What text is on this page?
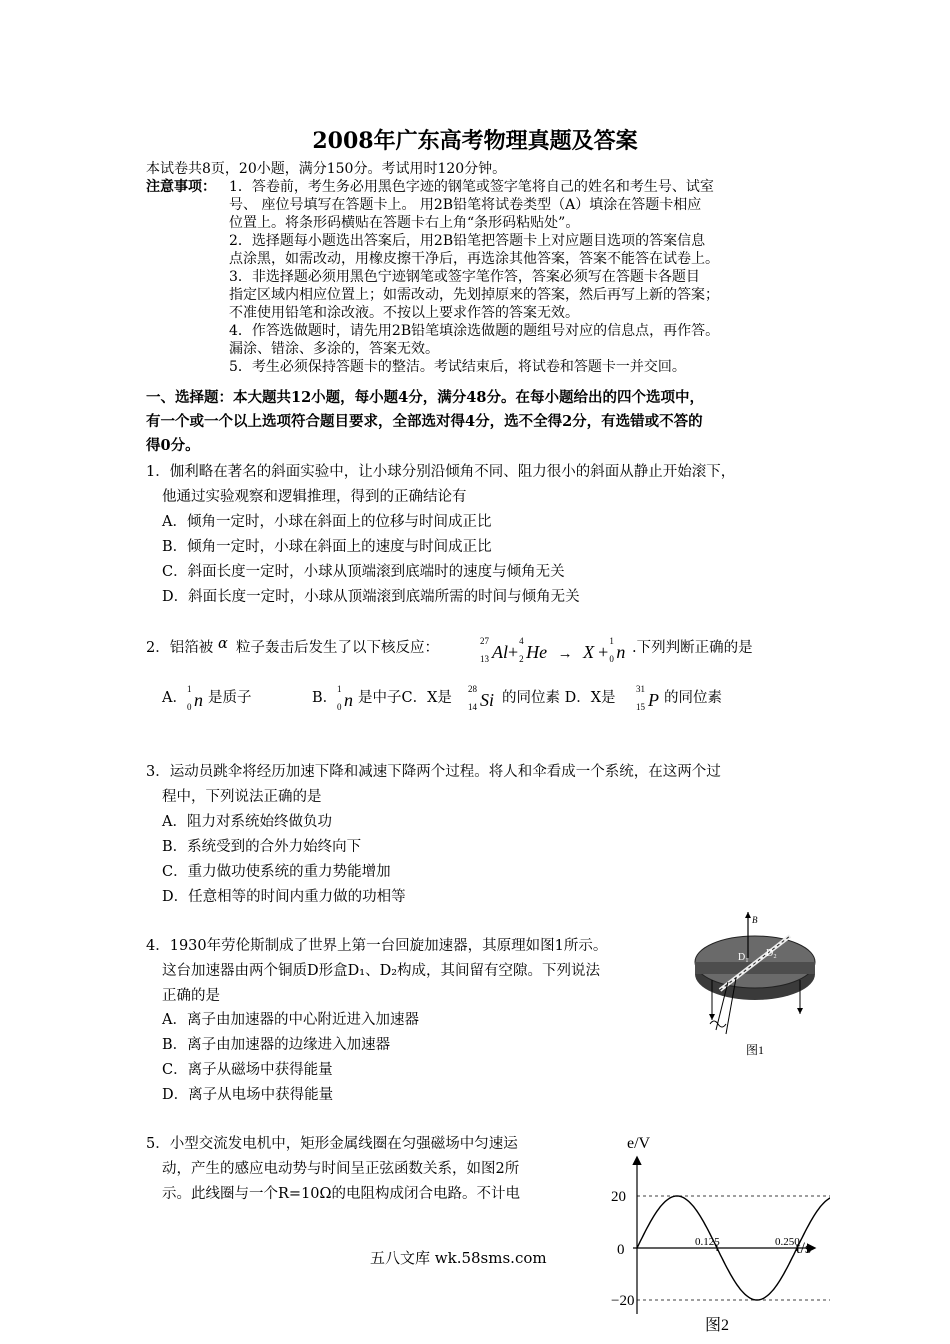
2008年广东高考物理真题及答案
本试卷共8页，20小题，满分150分。考试用时120分钟。
注意事项： 1．答卷前，考生务必用黑色字迹的钢笔或签字笔将自己的姓名和考生号、试室
号、 座位号填写在答题卡上。 用2B铅笔将试卷类型（A）填涂在答题卡相应
位置上。将条形码横贴在答题卡右上角“条形码粘贴处”。
2．选择题每小题选出答案后，用2B铅笔把答题卡上对应题目选项的答案信息
点涂黑，如需改动，用橡皮擦干净后，再选涂其他答案，答案不能答在试卷上。
3．非选择题必须用黑色宁迹钢笔或签字笔作答，答案必须写在答题卡各题目
指定区域内相应位置上；如需改动，先划掉原来的答案，然后再写上新的答案；
不准使用铅笔和涂改液。不按以上要求作答的答案无效。
4．作答选做题时，请先用2B铅笔填涂选做题的题组号对应的信息点，再作答。
漏涂、错涂、多涂的，答案无效。
5．考生必须保持答题卡的整洁。考试结束后，将试卷和答题卡一并交回。
一、选择题：本大题共12小题，每小题4分，满分48分。在每小题给出的四个选项中，
有一个或一个以上选项符合题目要求，全部选对得4分，选不全得2分，有选错或不答的
得0分。
1．伽利略在著名的斜面实验中，让小球分别沿倾角不同、阻力很小的斜面从静止开始滚下，
他通过实验观察和逻辑推理，得到的正确结论有
A．倾角一定时，小球在斜面上的位移与时间成正比
B．倾角一定时，小球在斜面上的速度与时间成正比
C．斜面长度一定时，小球从顶端滚到底端时的速度与倾角无关
D．斜面长度一定时，小球从顶端滚到底端所需的时间与倾角无关
2．铝箔被 α 粒子轰击后发生了以下核反应：	27
13 Al+
4
2 He → X +
1
0 n .下列判断正确的是
A．
1
0 n 是质子	B．
1
0 n 是中子C．X是
28
14 Si 的同位素 D．X是
31
15 P 的同位素
3．运动员跳伞将经历加速下降和减速下降两个过程。将人和伞看成一个系统，在这两个过
程中，下列说法正确的是
A．阻力对系统始终做负功
B．系统受到的合外力始终向下
C．重力做功使系统的重力势能增加
D．任意相等的时间内重力做的功相等
4．1930年劳伦斯制成了世界上第一台回旋加速器，其原理如图1所示。
这台加速器由两个铜质D形盒D₁、D₂构成，其间留有空隙。下列说法
正确的是
A．离子由加速器的中心附近进入加速器
B．离子由加速器的边缘进入加速器
C．离子从磁场中获得能量
D．离子从电场中获得能量
B
D₁ D₂
图1
5．小型交流发电机中，矩形金属线圈在匀强磁场中匀速运
动，产生的感应电动势与时间呈正弦函数关系，如图2所
示。此线圈与一个R=10Ω的电阻构成闭合电路。不计电
e/V
t/s
0
20
−20
0.125	0.250
图2
五八文库 wk.58sms.com
